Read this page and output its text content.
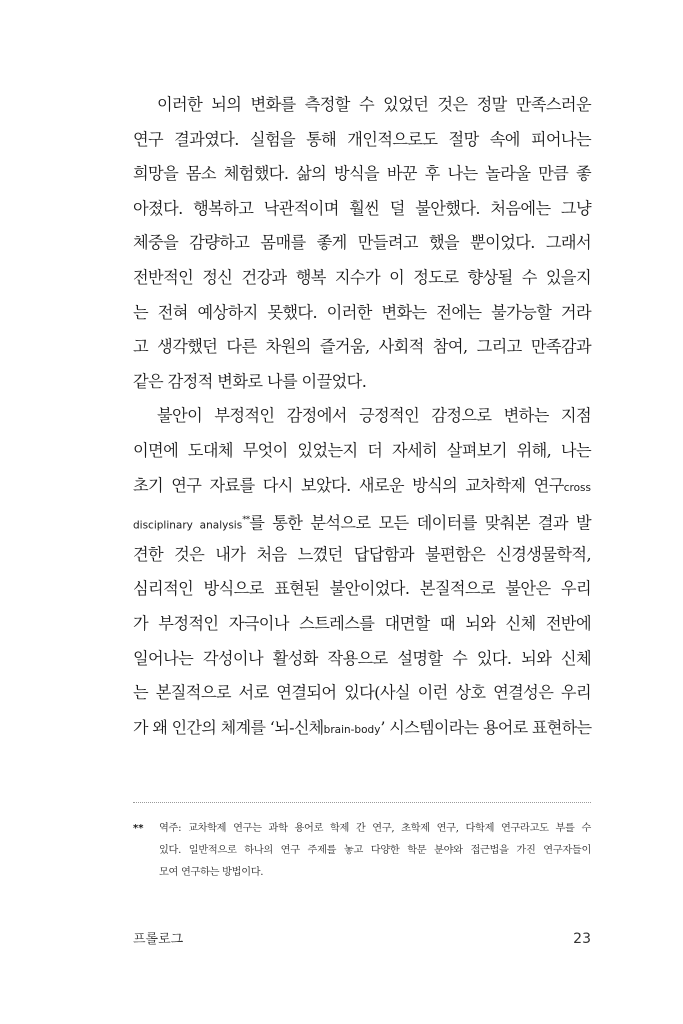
이러한 뇌의 변화를 측정할 수 있었던 것은 정말 만족스러운
연구 결과였다. 실험을 통해 개인적으로도 절망 속에 피어나는
희망을 몸소 체험했다. 삶의 방식을 바꾼 후 나는 놀라울 만큼 좋
아졌다. 행복하고 낙관적이며 훨씬 덜 불안했다. 처음에는 그냥
체중을 감량하고 몸매를 좋게 만들려고 했을 뿐이었다. 그래서
전반적인 정신 건강과 행복 지수가 이 정도로 향상될 수 있을지
는 전혀 예상하지 못했다. 이러한 변화는 전에는 불가능할 거라
고 생각했던 다른 차원의 즐거움, 사회적 참여, 그리고 만족감과
같은 감정적 변화로 나를 이끌었다.
불안이 부정적인 감정에서 긍정적인 감정으로 변하는 지점
이면에 도대체 무엇이 있었는지 더 자세히 살펴보기 위해, 나는
초기 연구 자료를 다시 보았다. 새로운 방식의 교차학제 연구cross
disciplinary analysis**를 통한 분석으로 모든 데이터를 맞춰본 결과 발
견한 것은 내가 처음 느꼈던 답답함과 불편함은 신경생물학적,
심리적인 방식으로 표현된 불안이었다. 본질적으로 불안은 우리
가 부정적인 자극이나 스트레스를 대면할 때 뇌와 신체 전반에
일어나는 각성이나 활성화 작용으로 설명할 수 있다. 뇌와 신체
는 본질적으로 서로 연결되어 있다(사실 이런 상호 연결성은 우리
가 왜 인간의 체계를 ‘뇌-신체brain-body’ 시스템이라는 용어로 표현하는
** 역주: 교차학제 연구는 과학 용어로 학제 간 연구, 초학제 연구, 다학제 연구라고도 부를 수
있다. 일반적으로 하나의 연구 주제를 놓고 다양한 학문 분야와 접근법을 가진 연구자들이
모여 연구하는 방법이다.
프롤로그	23
